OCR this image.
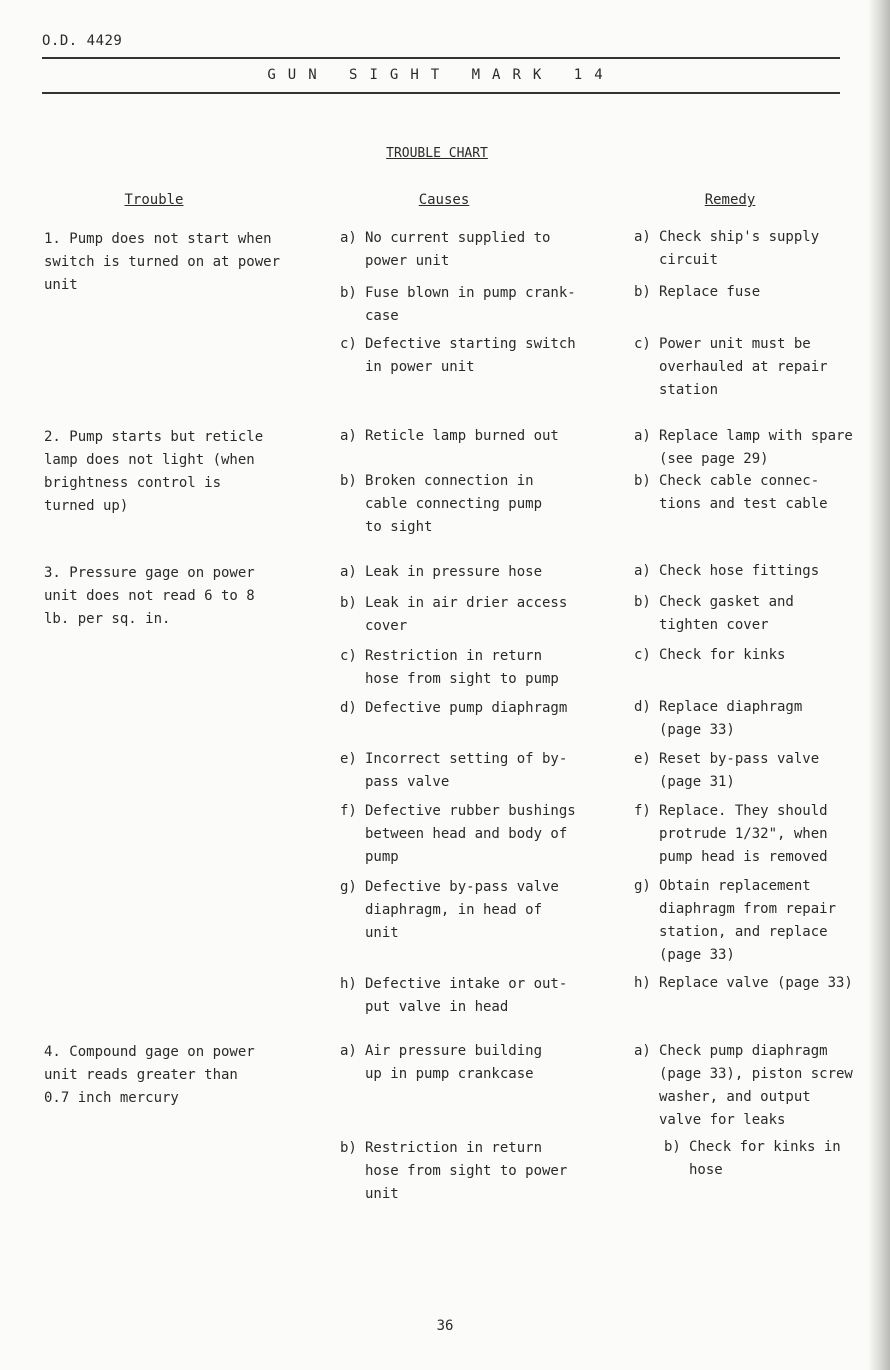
O.D. 4429
GUN SIGHT MARK 14
TROUBLE CHART
Trouble	Causes	Remedy
1. Pump does not start when
switch is turned on at power
unit
2. Pump starts but reticle
lamp does not light (when
brightness control is
turned up)
3. Pressure gage on power
unit does not read 6 to 8
lb. per sq. in.
4. Compound gage on power
unit reads greater than
0.7 inch mercury
a) No current supplied to
power unit
b) Fuse blown in pump crank-
case
c) Defective starting switch
in power unit
a) Reticle lamp burned out
b) Broken connection in
cable connecting pump
to sight
a) Leak in pressure hose
b) Leak in air drier access
cover
c) Restriction in return
hose from sight to pump
d) Defective pump diaphragm
e) Incorrect setting of by-
pass valve
f) Defective rubber bushings
between head and body of
pump
g) Defective by-pass valve
diaphragm, in head of
unit
h) Defective intake or out-
put valve in head
a) Air pressure building
up in pump crankcase
b) Restriction in return
hose from sight to power
unit
a) Check ship's supply
circuit
b) Replace fuse
c) Power unit must be
overhauled at repair
station
a) Replace lamp with spare
(see page 29)
b) Check cable connec-
tions and test cable
a) Check hose fittings
b) Check gasket and
tighten cover
c) Check for kinks
d) Replace diaphragm
(page 33)
e) Reset by-pass valve
(page 31)
f) Replace. They should
protrude 1/32", when
pump head is removed
g) Obtain replacement
diaphragm from repair
station, and replace
(page 33)
h) Replace valve (page 33)
a) Check pump diaphragm
(page 33), piston screw
washer, and output
valve for leaks
b) Check for kinks in
hose
36
